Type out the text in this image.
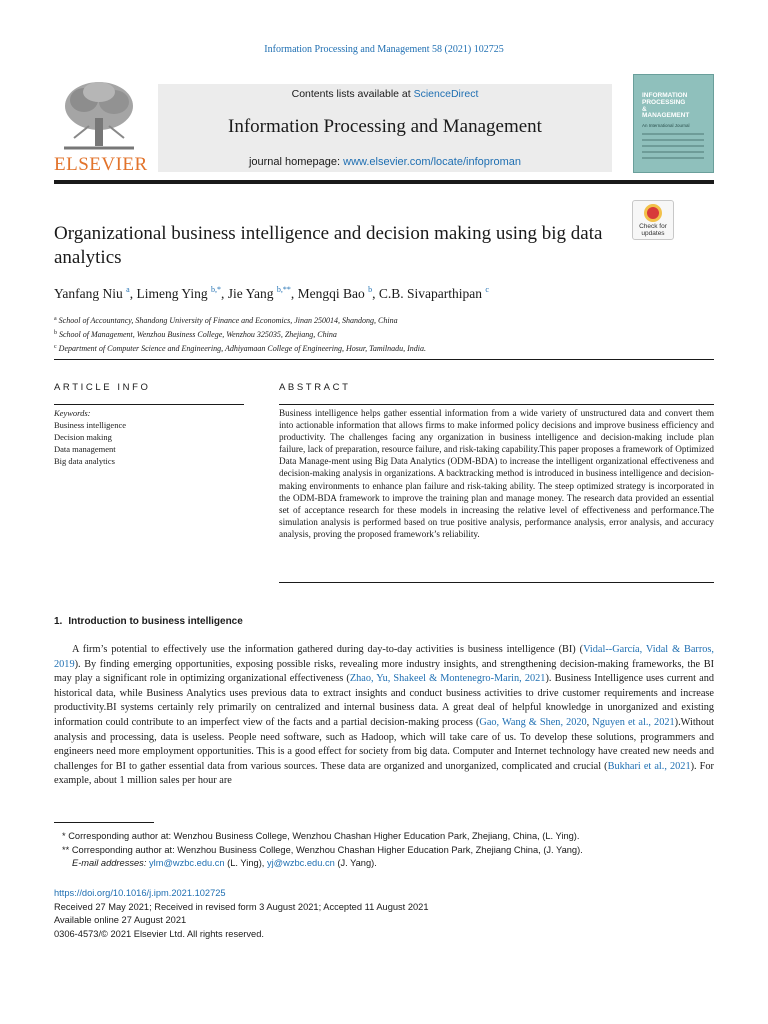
Information Processing and Management 58 (2021) 102725
ELSEVIER
Contents lists available at ScienceDirect
Information Processing and Management
journal homepage: www.elsevier.com/locate/infoproman
INFORMATION
PROCESSING
&
MANAGEMENT
An International Journal
Organizational business intelligence and decision making using big data analytics
Check for
updates
Yanfang Niu $^a$, Limeng Ying $^{b,*}$, Jie Yang $^{b,**}$, Mengqi Bao $^b$, C.B. Sivaparthipan $^c$
$^a$ School of Accountancy, Shandong University of Finance and Economics, Jinan 250014, Shandong, China
$^b$ School of Management, Wenzhou Business College, Wenzhou 325035, Zhejiang, China
$^c$ Department of Computer Science and Engineering, Adhiyamaan College of Engineering, Hosur, Tamilnadu, India.
ARTICLE INFO	ABSTRACT
Keywords:
Business intelligence
Decision making
Data management
Big data analytics
Business intelligence helps gather essential information from a wide variety of unstructured data and convert them into actionable information that allows firms to make informed policy decisions and improve business efficiency and productivity. The challenges facing any organization in business intelligence and decision-making include plan failure, lack of preparation, resource failure, and risk-taking capability.This paper proposes a framework of Optimized Data Manage-ment using Big Data Analytics (ODM-BDA) to increase the intelligent organizational effectiveness and decision-making analysis in organizations. A backtracking method is introduced in business intelligence and decision-making environments to enhance plan failure and risk-taking ability. The steep optimized strategy is incorporated in the ODM-BDA framework to improve the training plan and manage money. The research data provided an essential set of acceptance research for these models in increasing the relative level of effectiveness and performance.The simulation analysis is performed based on true positive analysis, performance analysis, error analysis, and accuracy analysis, proving the proposed framework’s reliability.
1. Introduction to business intelligence
A firm’s potential to effectively use the information gathered during day-to-day activities is business intelligence (BI) (Vidal--García, Vidal & Barros, 2019). By finding emerging opportunities, exposing possible risks, revealing more industry insights, and strengthening decision-making frameworks, the BI may play a significant role in optimizing organizational effectiveness (Zhao, Yu, Shakeel & Montenegro-Marin, 2021). Business Intelligence uses current and historical data, while Business Analytics uses previous data to extract insights and conduct business activities to drive customer requirements and increase productivity.BI systems certainly rely primarily on centralized and internal business data. A great deal of helpful knowledge in unorganized and existing information could contribute to an imperfect view of the facts and a partial decision-making process (Gao, Wang & Shen, 2020, Nguyen et al., 2021).Without analysis and processing, data is useless. People need software, such as Hadoop, which will take care of us. To develop these solutions, programmers and engineers need more employment opportunities. This is a good effect for society from big data. Computer and Internet technology have created new needs and challenges for BI to gather essential data from various sources. These data are organized and unorganized, complicated and crucial (Bukhari et al., 2021). For example, about 1 million sales per hour are
* Corresponding author at: Wenzhou Business College, Wenzhou Chashan Higher Education Park, Zhejiang, China, (L. Ying).
** Corresponding author at: Wenzhou Business College, Wenzhou Chashan Higher Education Park, Zhejiang China, (J. Yang).
E-mail addresses: ylm@wzbc.edu.cn (L. Ying), yj@wzbc.edu.cn (J. Yang).
https://doi.org/10.1016/j.ipm.2021.102725
Received 27 May 2021; Received in revised form 3 August 2021; Accepted 11 August 2021
Available online 27 August 2021
0306-4573/© 2021 Elsevier Ltd. All rights reserved.
